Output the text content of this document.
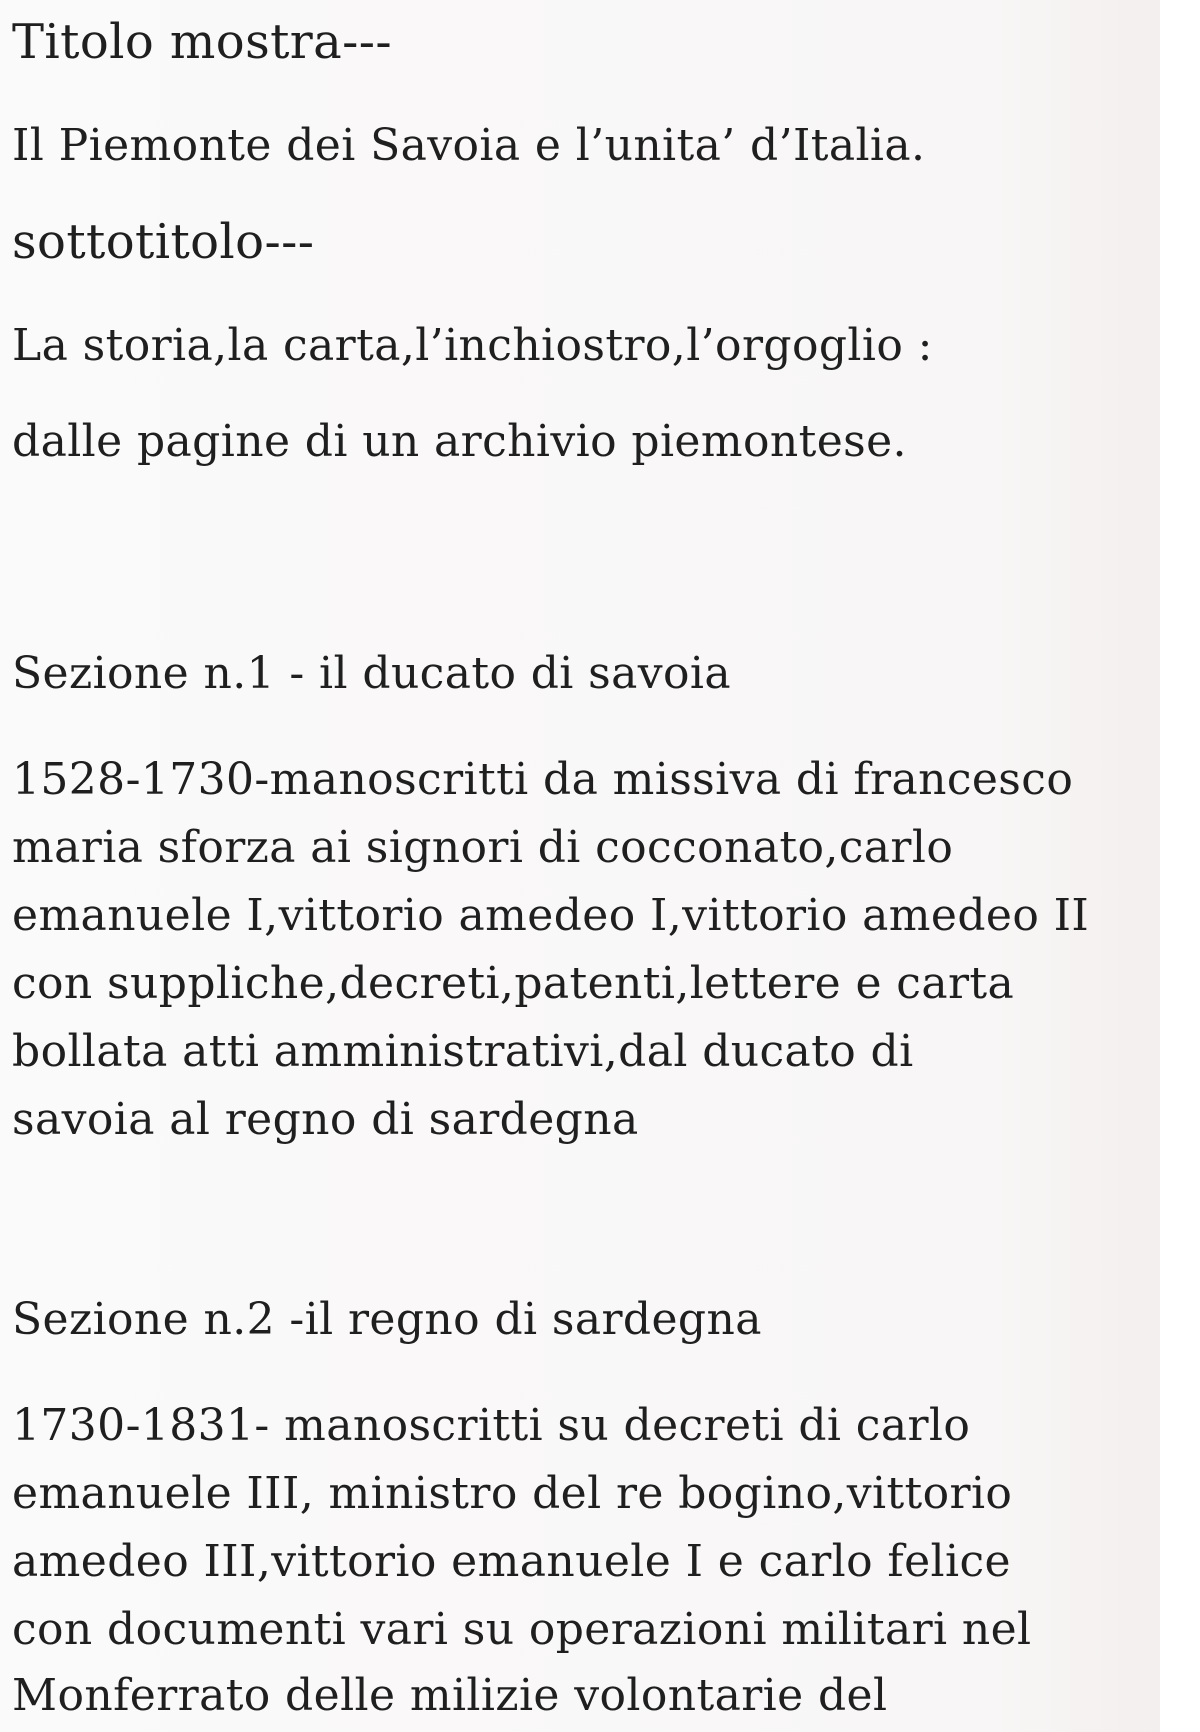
Titolo mostra---
Il Piemonte dei Savoia e l’unita’ d’Italia.
sottotitolo---
La storia,la carta,l’inchiostro,l’orgoglio :
dalle pagine di un archivio piemontese.
Sezione n.1 - il ducato di savoia
1528-1730-manoscritti da missiva di francesco
maria sforza ai signori di cocconato,carlo
emanuele I,vittorio amedeo I,vittorio amedeo II
con suppliche,decreti,patenti,lettere e carta
bollata atti amministrativi,dal ducato di
savoia al regno di sardegna
Sezione n.2 -il regno di sardegna
1730-1831- manoscritti su decreti di carlo
emanuele III, ministro del re bogino,vittorio
amedeo III,vittorio emanuele I e carlo felice
con documenti vari su operazioni militari nel
Monferrato delle milizie volontarie del
